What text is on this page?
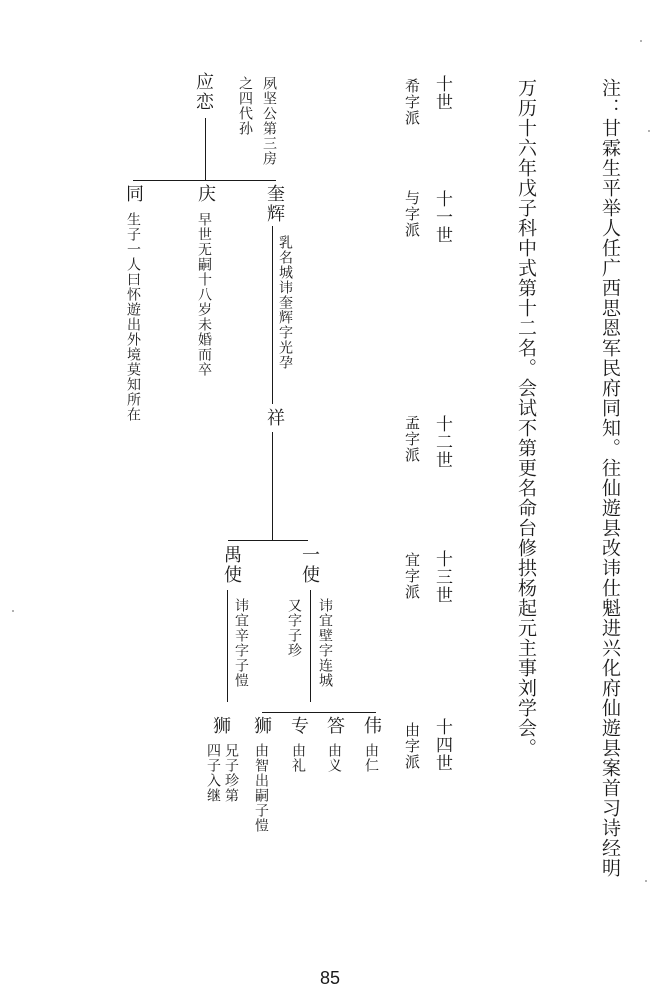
注：甘霖生平举人任广西思恩军民府同知。往仙遊县改讳仕魁进兴化府仙遊县案首习诗经明

万历十六年戊子科中式第十二名。会试不第更名命台修拱杨起元主事刘学会。

十世

希字派

十一世

与字派

十二世

孟字派

十三世

宜字派

十四世

由字派

夙坚公第三房

之四代孙

应恋

奎辉

乳名城讳奎辉字光孕

祥

庆

早世无嗣十八岁未婚而卒

同

生子一人曰怀遊出外境莫知所在

一使

讳宜壁字连城

又字子珍

禺使

讳宜辛字子愷

伟

由仁

答

由义

专

由礼

狮

由智出嗣子愷

狮

兄子珍第

四子入继

85
